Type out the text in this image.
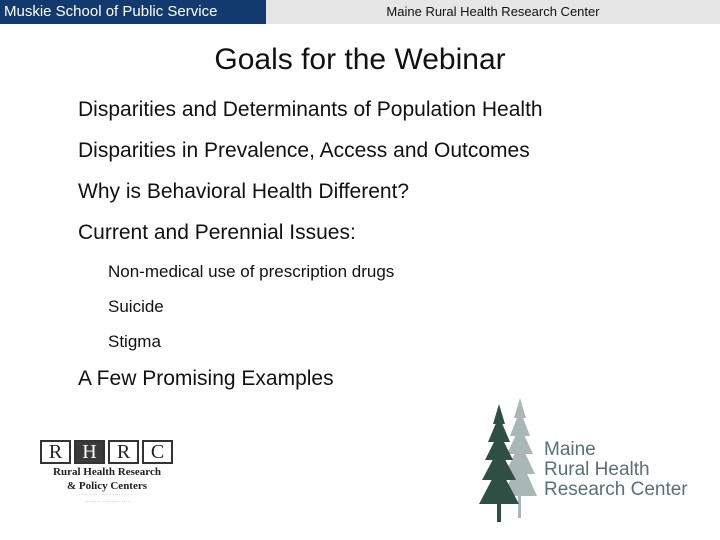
Muskie School of Public Service	Maine Rural Health Research Center
Goals for the Webinar
Disparities and Determinants of Population Health
Disparities in Prevalence, Access and Outcomes
Why is Behavioral Health Different?
Current and Perennial Issues:
Non-medical use of prescription drugs
Suicide
Stigma
A Few Promising Examples
R	H	R	C
Rural Health Research
& Policy Centers
··· ···· ······ ···· ·····
········ ········· ····
Maine
Rural Health
Research Center
